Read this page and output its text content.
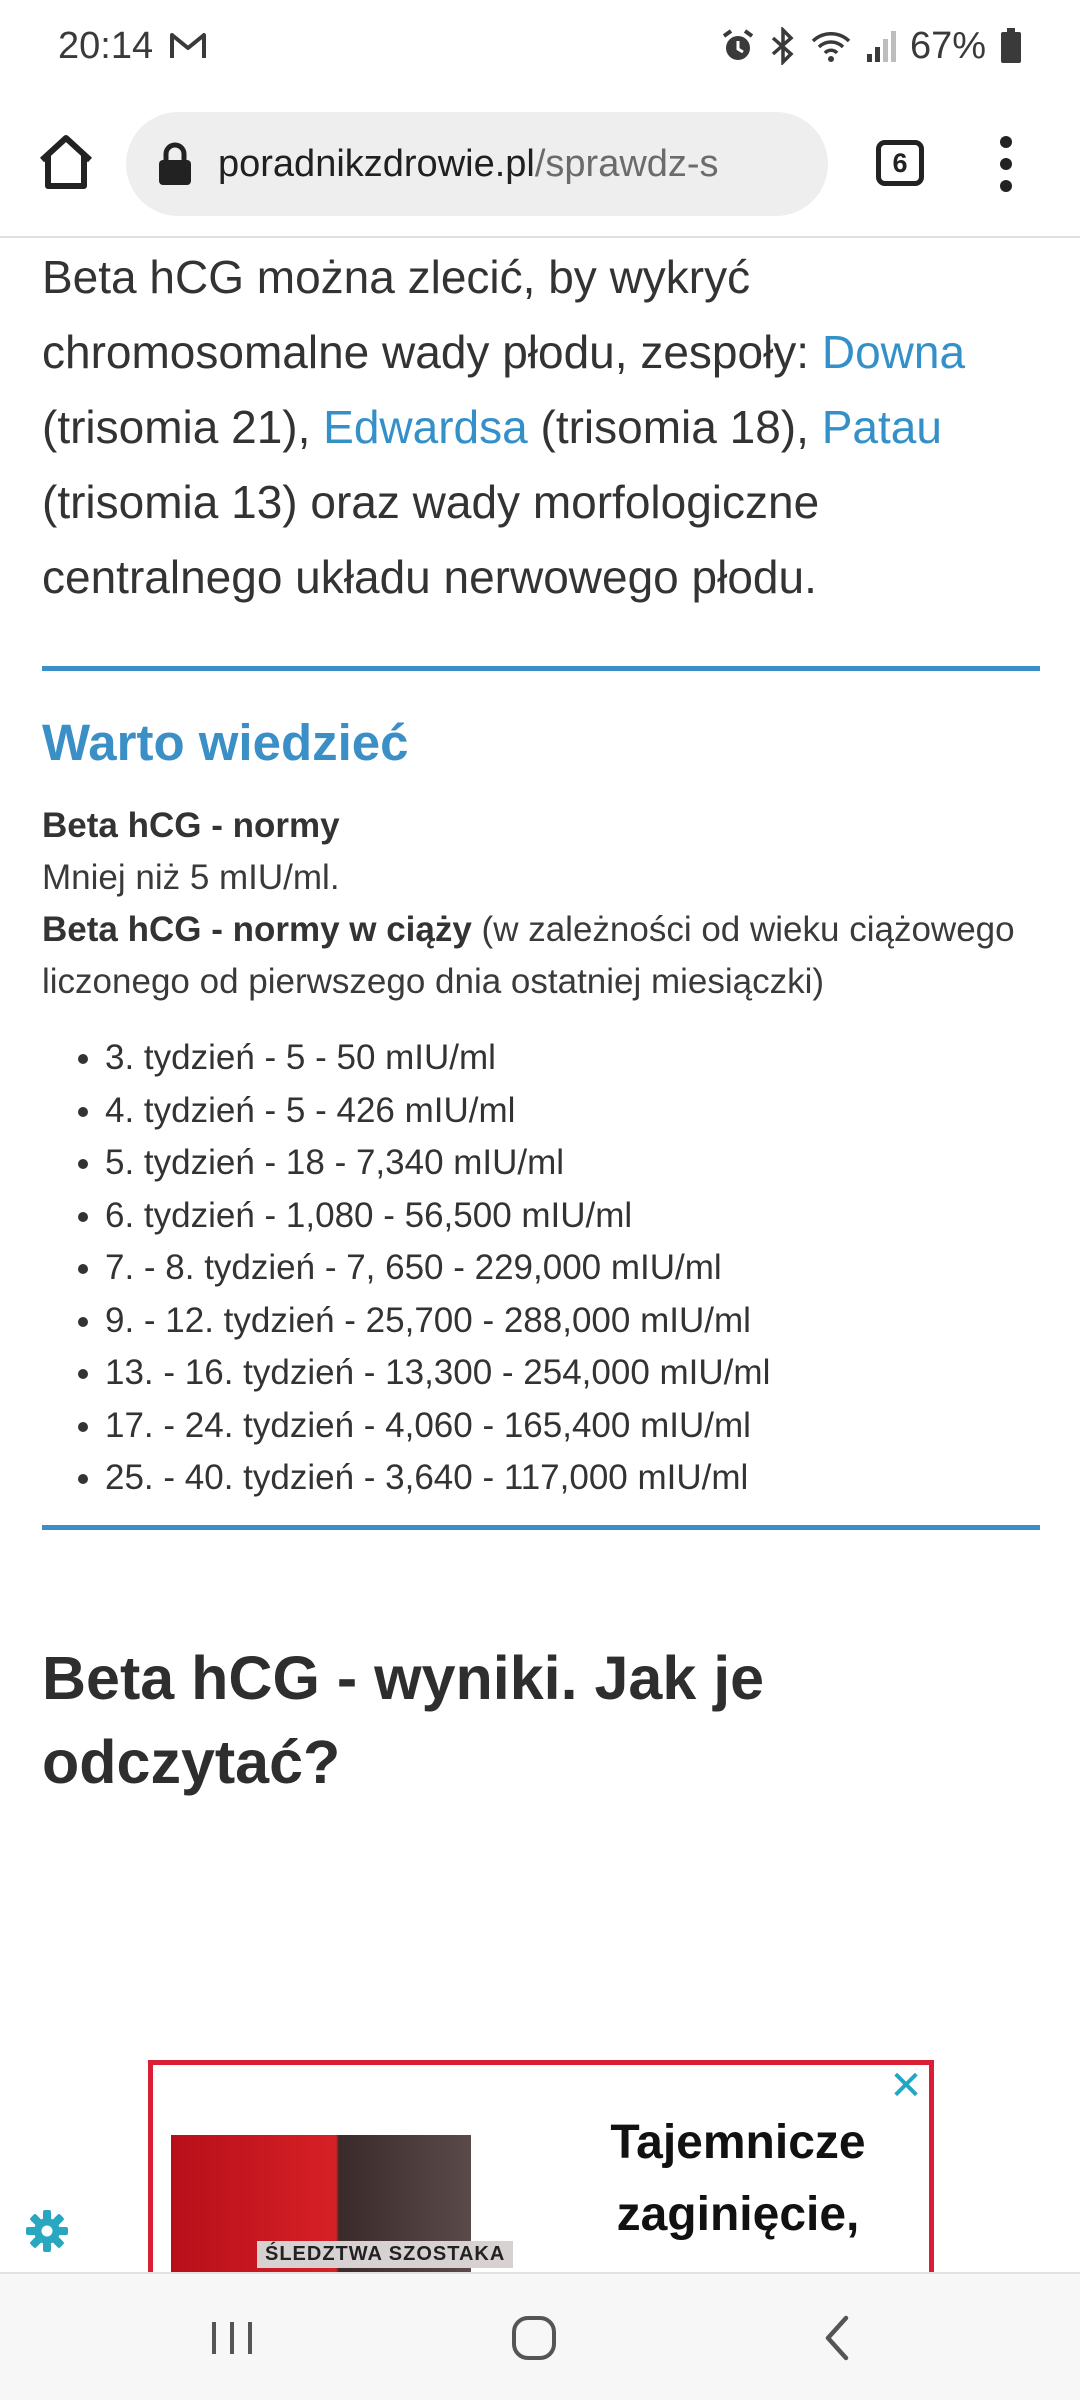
20:14	67%
poradnikzdrowie.pl/sprawdz-s	6

Beta hCG można zlecić, by wykryć chromosomalne wady płodu, zespoły: Downa (trisomia 21), Edwardsa (trisomia 18), Patau (trisomia 13) oraz wady morfologiczne centralnego układu nerwowego płodu.

Warto wiedzieć
Beta hCG - normy
Mniej niż 5 mIU/ml.
Beta hCG - normy w ciąży (w zależności od wieku ciążowego liczonego od pierwszego dnia ostatniej miesiączki)
• 3. tydzień - 5 - 50 mIU/ml
• 4. tydzień - 5 - 426 mIU/ml
• 5. tydzień - 18 - 7,340 mIU/ml
• 6. tydzień - 1,080 - 56,500 mIU/ml
• 7. - 8. tydzień - 7, 650 - 229,000 mIU/ml
• 9. - 12. tydzień - 25,700 - 288,000 mIU/ml
• 13. - 16. tydzień - 13,300 - 254,000 mIU/ml
• 17. - 24. tydzień - 4,060 - 165,400 mIU/ml
• 25. - 40. tydzień - 3,640 - 117,000 mIU/ml
Beta hCG - wyniki. Jak je odczytać?
✕
ŚLEDZTWA SZOSTAKA
Tajemnicze zaginięcie,
